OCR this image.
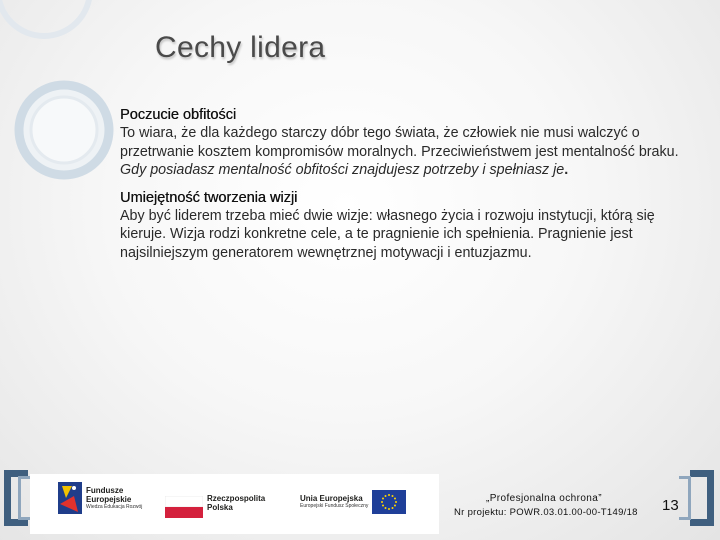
Cechy lidera
Poczucie obfitości
To wiara, że dla każdego starczy dóbr tego świata, że człowiek nie musi walczyć o przetrwanie kosztem kompromisów moralnych. Przeciwieństwem jest mentalność braku.
Gdy posiadasz mentalność obfitości znajdujesz potrzeby i spełniasz je.
Umiejętność tworzenia wizji
Aby być liderem trzeba mieć dwie wizje: własnego życia i rozwoju instytucji, którą się kieruje. Wizja rodzi konkretne cele, a te pragnienie ich spełnienia. Pragnienie jest najsilniejszym generatorem wewnętrznej motywacji i entuzjazmu.
Fundusze
Europejskie
Wiedza Edukacja Rozwój
Rzeczpospolita
Polska
Unia Europejska
Europejski Fundusz Społeczny
„Profesjonalna ochrona”
Nr projektu: POWR.03.01.00-00-T149/18 13
